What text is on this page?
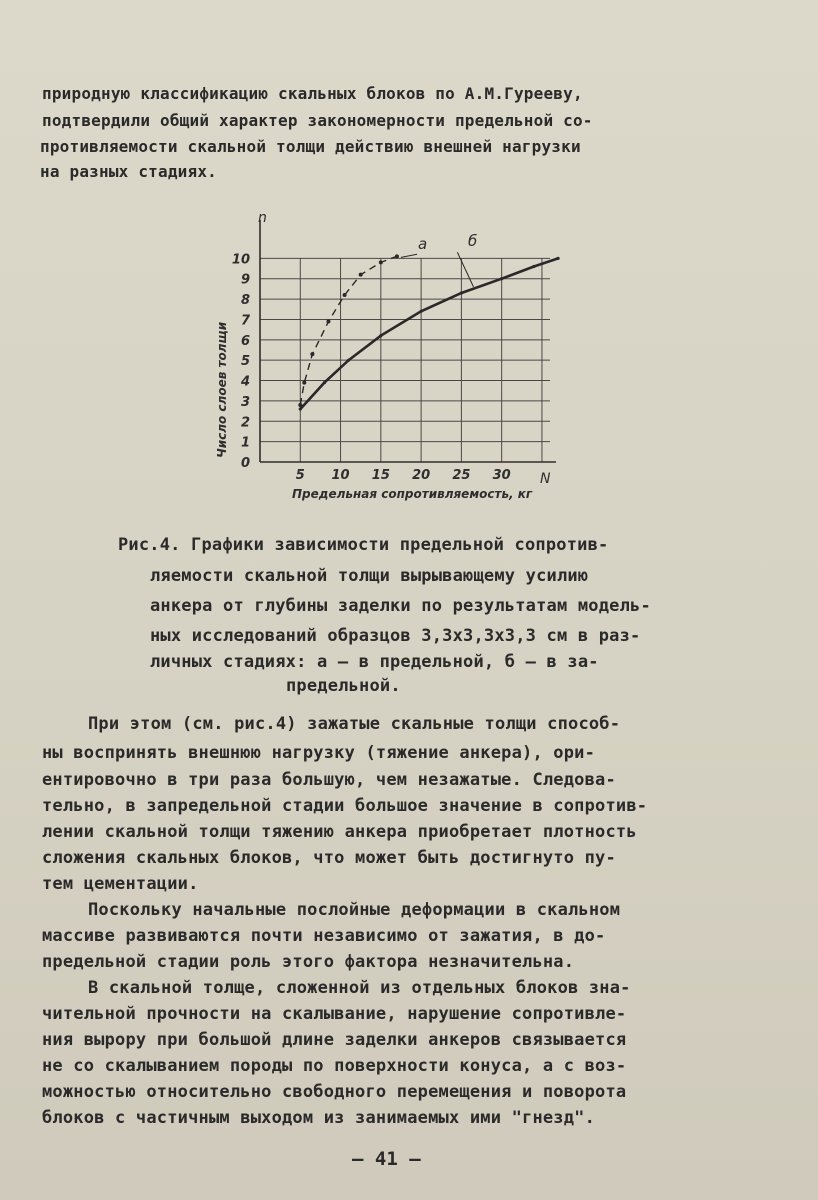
природную классификацию скальных блоков по А.М.Гурееву,
подтвердили общий характер закономерности предельной со-
противляемости скальной толщи действию внешней нагрузки
на разных стадиях.
0
1
2
3
4
5
6
7
8
9
10
5 10 15 20 25 30
n
N
Число слоев толщи
Предельная сопротивляемость, кг
а	б
Рис.4. Графики зависимости предельной сопротив-
ляемости скальной толщи вырывающему усилию
анкера от глубины заделки по результатам модель-
ных исследований образцов 3,3х3,3х3,3 см в раз-
личных стадиях: а – в предельной, б – в за-
предельной.
При этом (см. рис.4) зажатые скальные толщи способ-
ны воспринять внешнюю нагрузку (тяжение анкера), ори-
ентировочно в три раза большую, чем незажатые. Следова-
тельно, в запредельной стадии большое значение в сопротив-
лении скальной толщи тяжению анкера приобретает плотность
сложения скальных блоков, что может быть достигнуто пу-
тем цементации.
Поскольку начальные послойные деформации в скальном
массиве развиваются почти независимо от зажатия, в до-
предельной стадии роль этого фактора незначительна.
В скальной толще, сложенной из отдельных блоков зна-
чительной прочности на скалывание, нарушение сопротивле-
ния вырору при большой длине заделки анкеров связывается
не со скалыванием породы по поверхности конуса, а с воз-
можностью относительно свободного перемещения и поворота
блоков с частичным выходом из занимаемых ими "гнезд".
– 41 –
